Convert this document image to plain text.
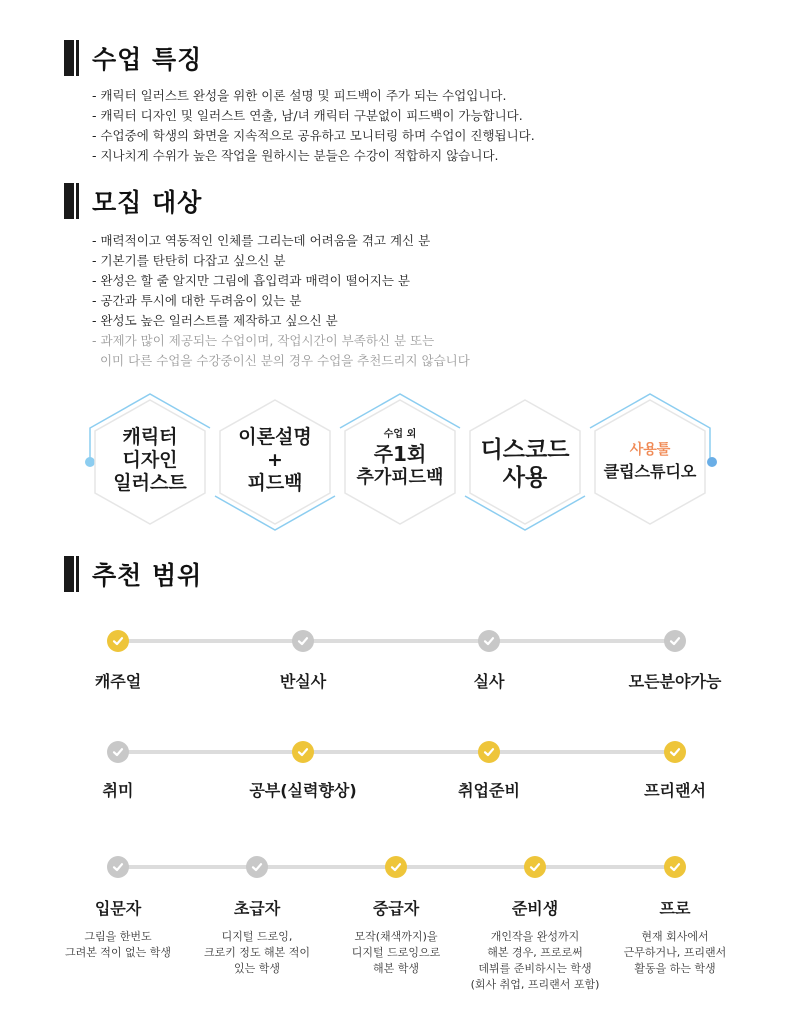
수업 특징
- 캐릭터 일러스트 완성을 위한 이론 설명 및 피드백이 주가 되는 수업입니다.
- 캐릭터 디자인 및 일러스트 연출, 남/녀 캐릭터 구분없이 피드백이 가능합니다.
- 수업중에 학생의 화면을 지속적으로 공유하고 모니터링 하며 수업이 진행됩니다.
- 지나치게 수위가 높은 작업을 원하시는 분들은 수강이 적합하지 않습니다.
모집 대상
- 매력적이고 역동적인 인체를 그리는데 어려움을 겪고 계신 분
- 기본기를 탄탄히 다잡고 싶으신 분
- 완성은 할 줄 알지만 그림에 흡입력과 매력이 떨어지는 분
- 공간과 투시에 대한 두려움이 있는 분
- 완성도 높은 일러스트를 제작하고 싶으신 분
- 과제가 많이 제공되는 수업이며, 작업시간이 부족하신 분 또는
이미 다른 수업을 수강중이신 분의 경우 수업을 추천드리지 않습니다
캐릭터
디자인
일러스트
이론설명
+
피드백
수업 외
주1회
추가피드백
디스코드
사용
사용툴
클립스튜디오
추천 범위
캐주얼	반실사	실사	모든분야가능
취미	공부(실력향상)	취업준비	프리랜서
입문자
그림을 한번도
그려본 적이 없는 학생
초급자
디지털 드로잉,
크로키 정도 해본 적이
있는 학생
중급자
모작(채색까지)을
디지털 드로잉으로
해본 학생
준비생
개인작을 완성까지
해본 경우, 프로로써
데뷔를 준비하시는 학생
(회사 취업, 프리랜서 포함)
프로
현재 회사에서
근무하거나, 프리랜서
활동을 하는 학생
